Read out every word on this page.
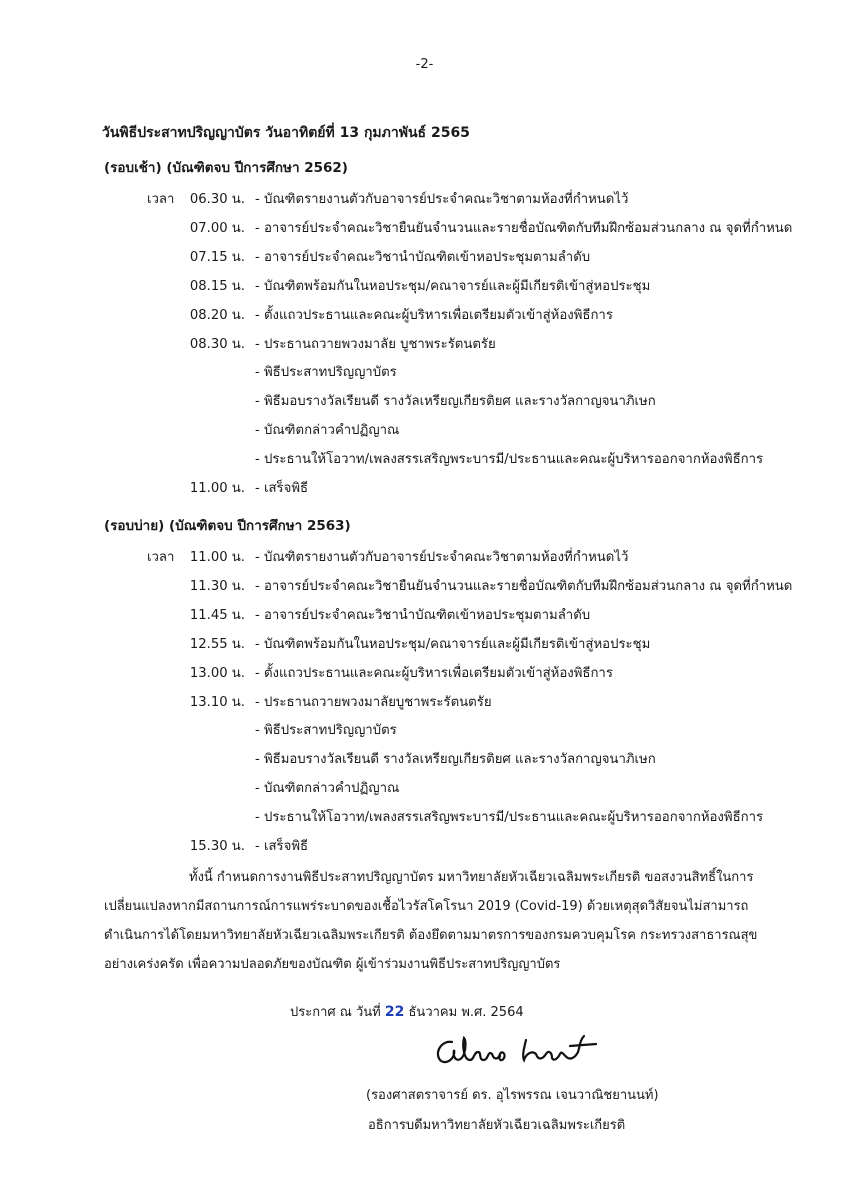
-2-
วันพิธีประสาทปริญญาบัตร วันอาทิตย์ที่ 13 กุมภาพันธ์ 2565
(รอบเช้า) (บัณฑิตจบ ปีการศึกษา 2562)
เวลา 06.30 น. - บัณฑิตรายงานตัวกับอาจารย์ประจำคณะวิชาตามห้องที่กำหนดไว้
07.00 น. - อาจารย์ประจำคณะวิชายืนยันจำนวนและรายชื่อบัณฑิตกับทีมฝึกซ้อมส่วนกลาง ณ จุดที่กำหนด
07.15 น. - อาจารย์ประจำคณะวิชานำบัณฑิตเข้าหอประชุมตามลำดับ
08.15 น. - บัณฑิตพร้อมกันในหอประชุม/คณาจารย์และผู้มีเกียรติเข้าสู่หอประชุม
08.20 น. - ตั้งแถวประธานและคณะผู้บริหารเพื่อเตรียมตัวเข้าสู่ห้องพิธีการ
08.30 น. - ประธานถวายพวงมาลัย บูชาพระรัตนตรัย
- พิธีประสาทปริญญาบัตร
- พิธีมอบรางวัลเรียนดี รางวัลเหรียญเกียรติยศ และรางวัลกาญจนาภิเษก
- บัณฑิตกล่าวคำปฏิญาณ
- ประธานให้โอวาท/เพลงสรรเสริญพระบารมี/ประธานและคณะผู้บริหารออกจากห้องพิธีการ
11.00 น. - เสร็จพิธี
(รอบบ่าย) (บัณฑิตจบ ปีการศึกษา 2563)
เวลา 11.00 น. - บัณฑิตรายงานตัวกับอาจารย์ประจำคณะวิชาตามห้องที่กำหนดไว้
11.30 น. - อาจารย์ประจำคณะวิชายืนยันจำนวนและรายชื่อบัณฑิตกับทีมฝึกซ้อมส่วนกลาง ณ จุดที่กำหนด
11.45 น. - อาจารย์ประจำคณะวิชานำบัณฑิตเข้าหอประชุมตามลำดับ
12.55 น. - บัณฑิตพร้อมกันในหอประชุม/คณาจารย์และผู้มีเกียรติเข้าสู่หอประชุม
13.00 น. - ตั้งแถวประธานและคณะผู้บริหารเพื่อเตรียมตัวเข้าสู่ห้องพิธีการ
13.10 น. - ประธานถวายพวงมาลัยบูชาพระรัตนตรัย
- พิธีประสาทปริญญาบัตร
- พิธีมอบรางวัลเรียนดี รางวัลเหรียญเกียรติยศ และรางวัลกาญจนาภิเษก
- บัณฑิตกล่าวคำปฏิญาณ
- ประธานให้โอวาท/เพลงสรรเสริญพระบารมี/ประธานและคณะผู้บริหารออกจากห้องพิธีการ
15.30 น. - เสร็จพิธี
ทั้งนี้ กำหนดการงานพิธีประสาทปริญญาบัตร มหาวิทยาลัยหัวเฉียวเฉลิมพระเกียรติ ขอสงวนสิทธิ์ในการ
เปลี่ยนแปลงหากมีสถานการณ์การแพร่ระบาดของเชื้อไวรัสโคโรนา 2019 (Covid-19) ด้วยเหตุสุดวิสัยจนไม่สามารถ
ดำเนินการได้โดยมหาวิทยาลัยหัวเฉียวเฉลิมพระเกียรติ ต้องยึดตามมาตรการของกรมควบคุมโรค กระทรวงสาธารณสุข
อย่างเคร่งครัด เพื่อความปลอดภัยของบัณฑิต ผู้เข้าร่วมงานพิธีประสาทปริญญาบัตร
ประกาศ ณ วันที่ 22 ธันวาคม พ.ศ. 2564
(รองศาสตราจารย์ ดร. อุไรพรรณ เจนวาณิชยานนท์)
อธิการบดีมหาวิทยาลัยหัวเฉียวเฉลิมพระเกียรติ
